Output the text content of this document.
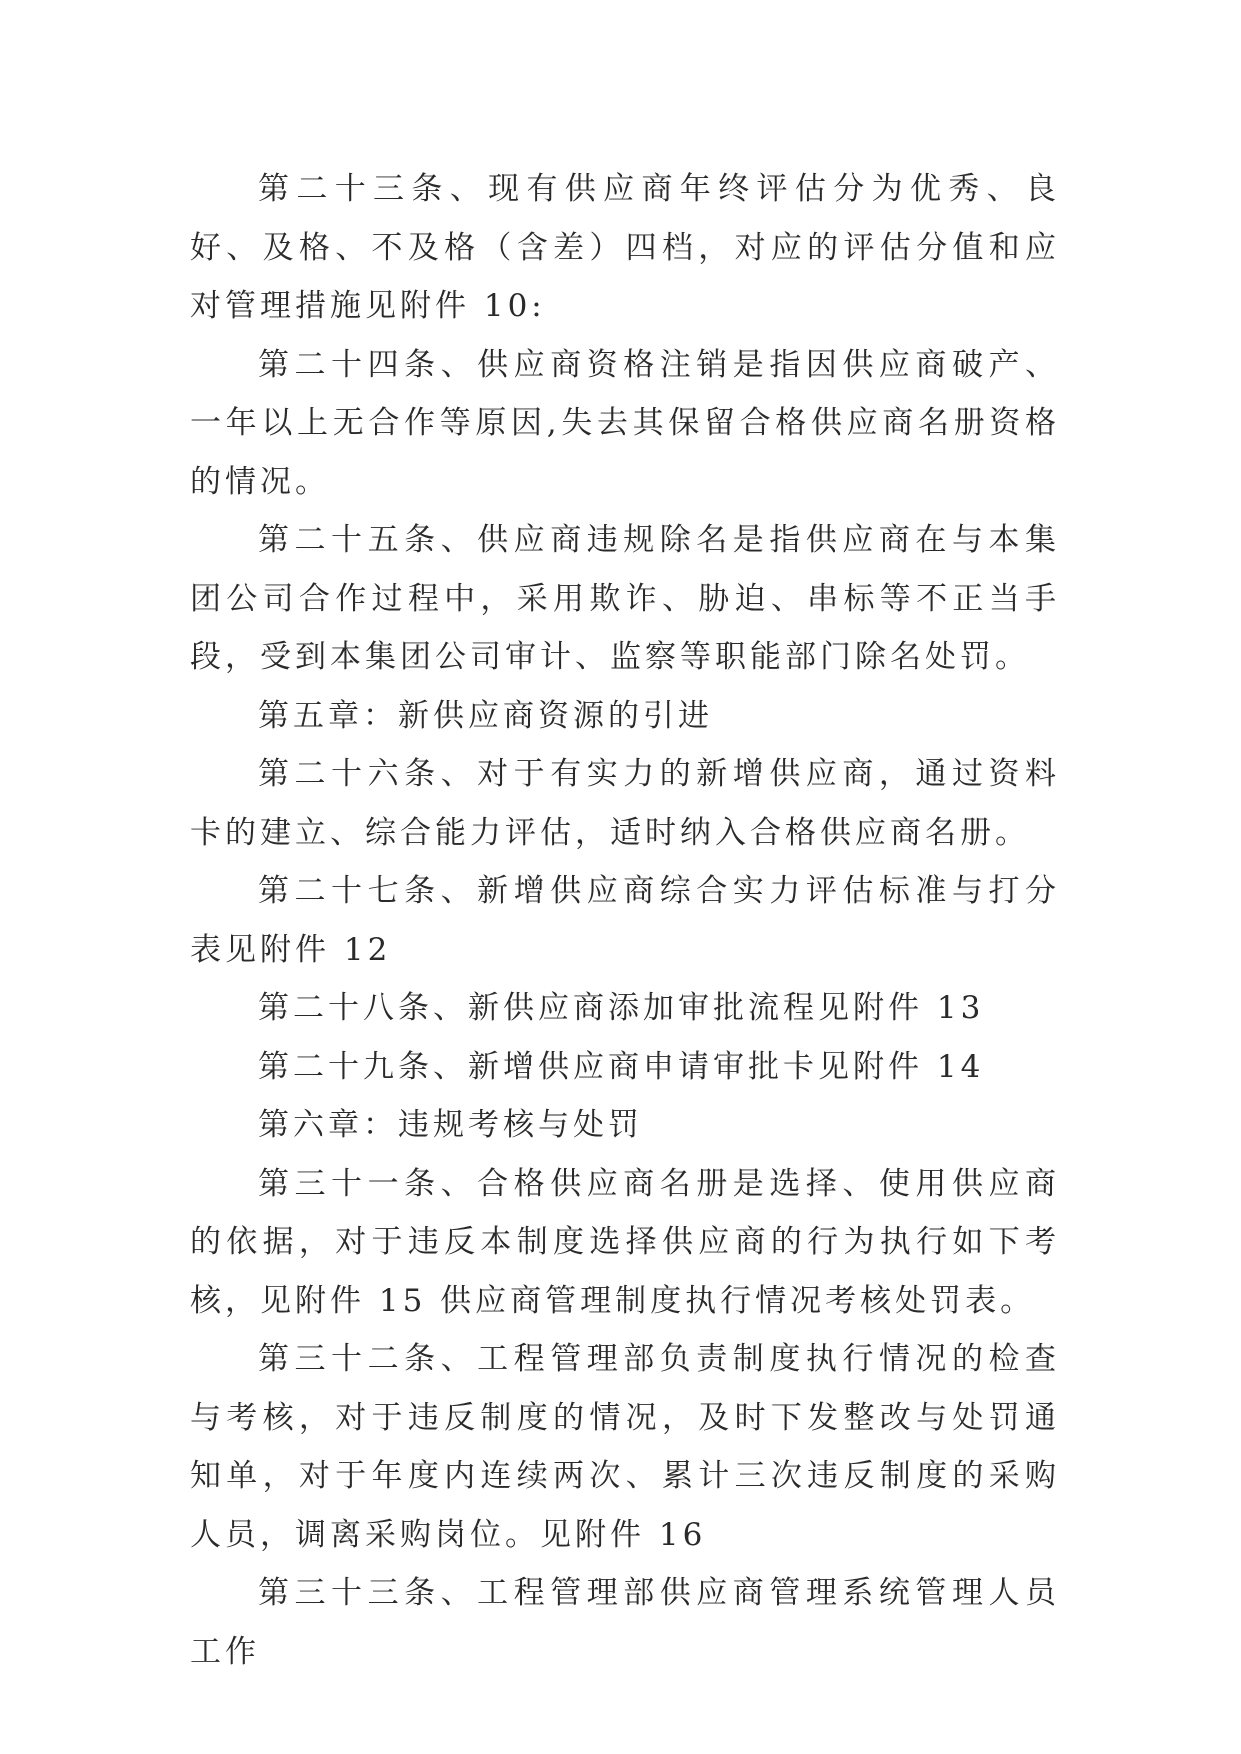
第二十三条、现有供应商年终评估分为优秀、良好、及格、不及格（含差）四档，对应的评估分值和应对管理措施见附件 10:

第二十四条、供应商资格注销是指因供应商破产、一年以上无合作等原因,失去其保留合格供应商名册资格的情况。

第二十五条、供应商违规除名是指供应商在与本集团公司合作过程中，采用欺诈、胁迫、串标等不正当手段，受到本集团公司审计、监察等职能部门除名处罚。

第五章：新供应商资源的引进

第二十六条、对于有实力的新增供应商，通过资料卡的建立、综合能力评估，适时纳入合格供应商名册。

第二十七条、新增供应商综合实力评估标准与打分表见附件 12

第二十八条、新供应商添加审批流程见附件 13

第二十九条、新增供应商申请审批卡见附件 14

第六章：违规考核与处罚

第三十一条、合格供应商名册是选择、使用供应商的依据，对于违反本制度选择供应商的行为执行如下考核，见附件 15 供应商管理制度执行情况考核处罚表。

第三十二条、工程管理部负责制度执行情况的检查与考核，对于违反制度的情况，及时下发整改与处罚通知单，对于年度内连续两次、累计三次违反制度的采购人员，调离采购岗位。见附件 16

第三十三条、工程管理部供应商管理系统管理人员工作
